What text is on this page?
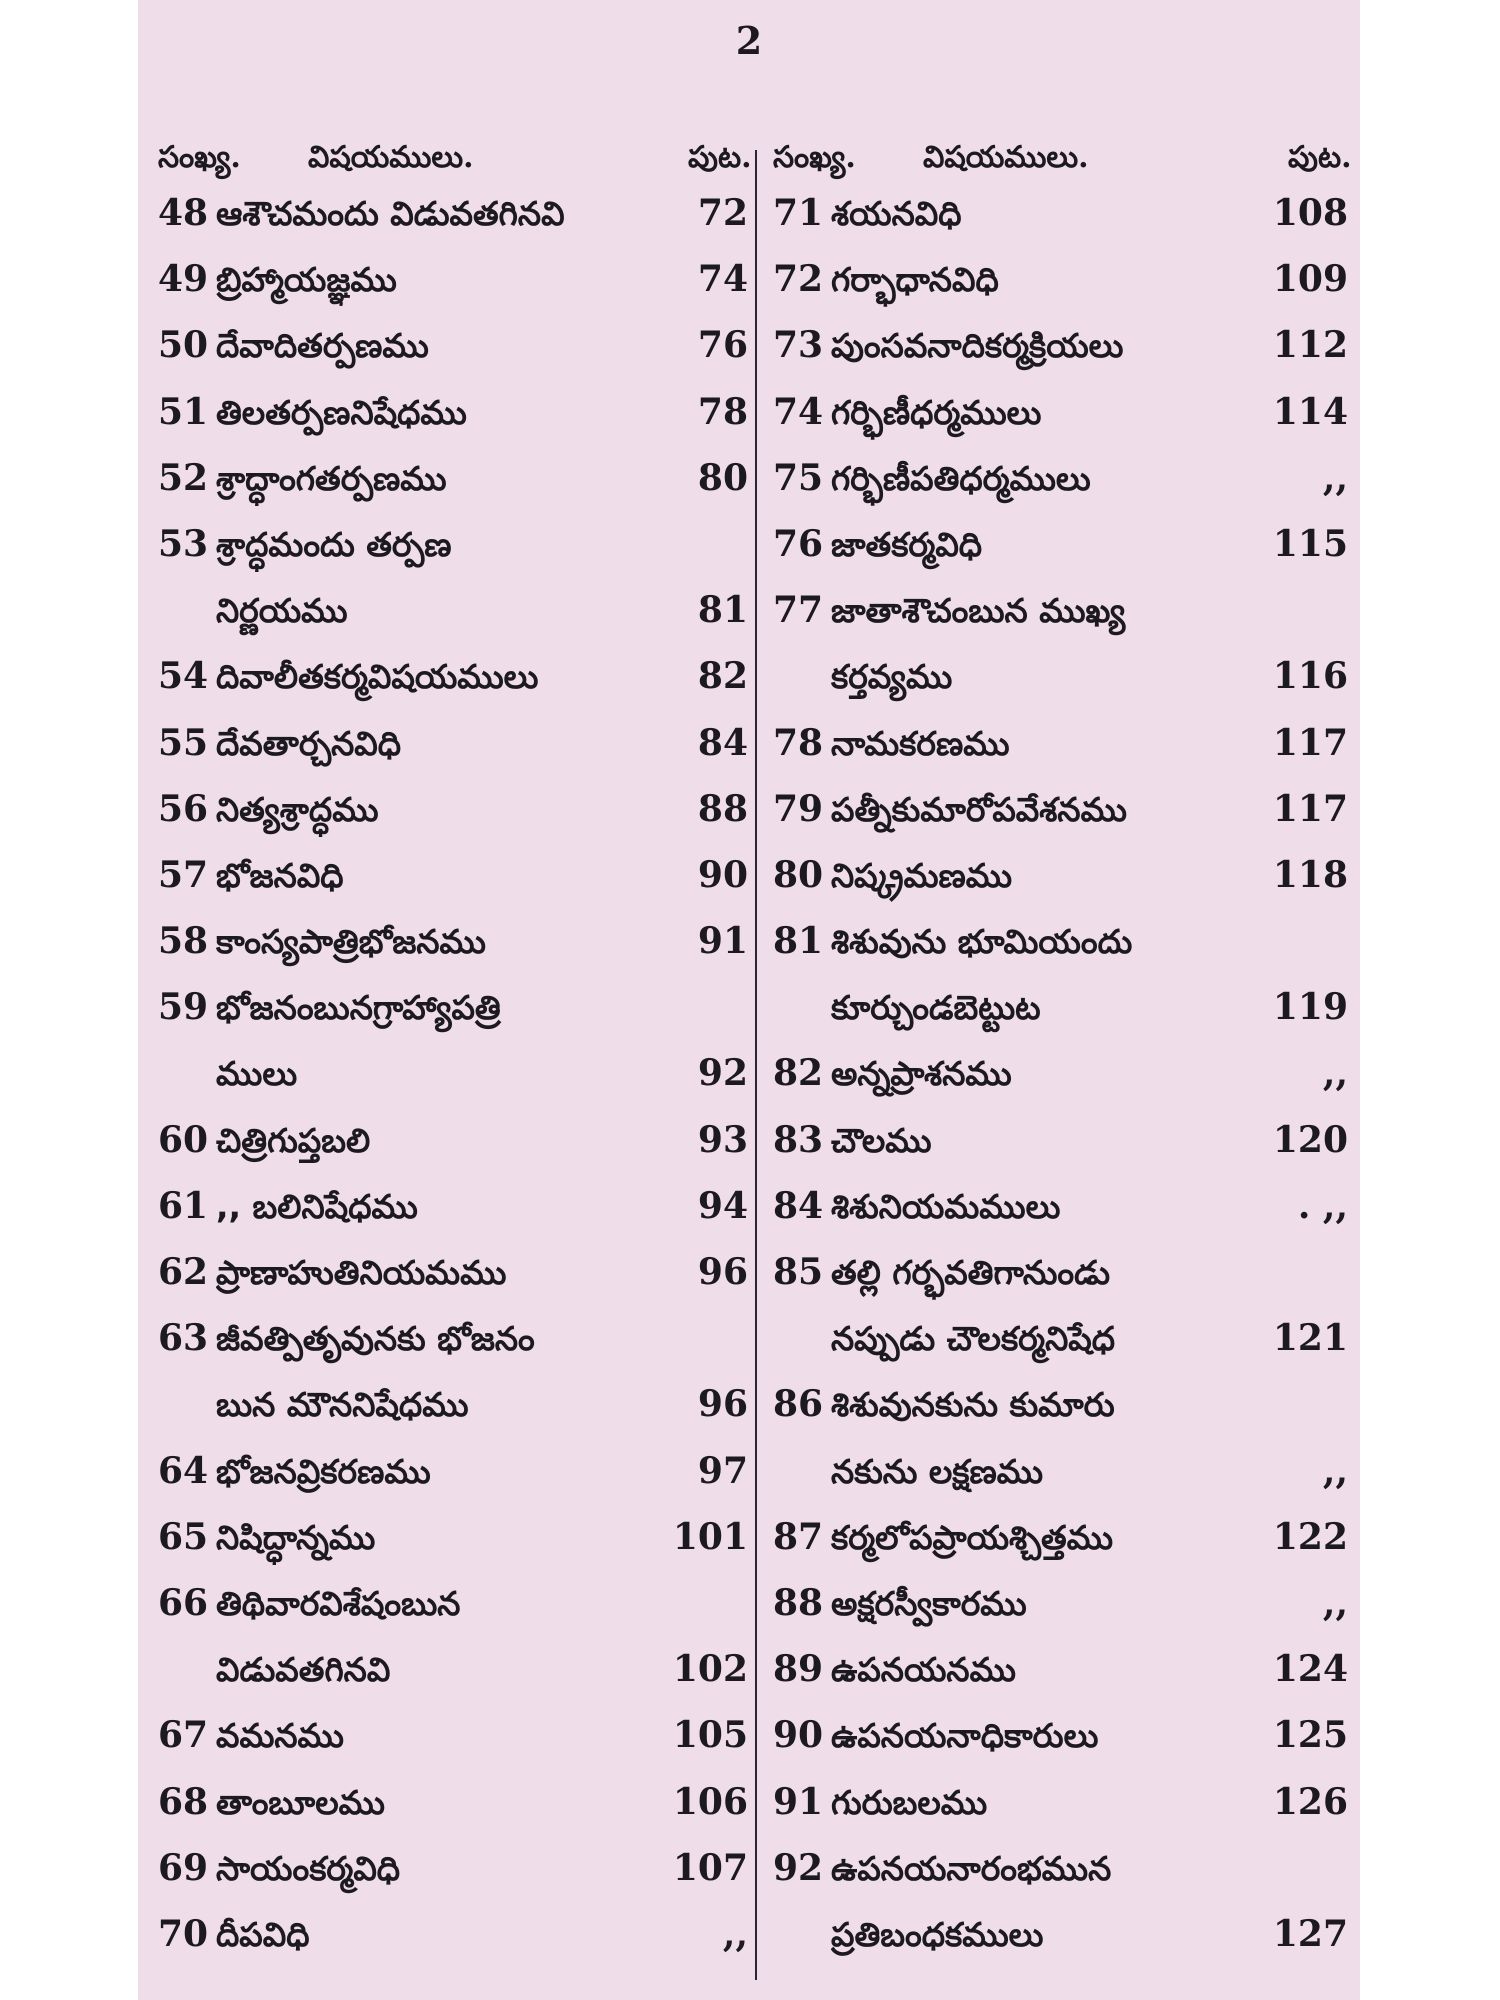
2
సంఖ్య.	విషయములు.	పుట.
48 ఆశౌచమందు విడువతగినవి	72
49 బ్రిహ్మాయజ్ఞము	74
50 దేవాదితర్పణము	76
51 తిలతర్పణనిషేధము	78
52 శ్రాద్ధాంగతర్పణము	80
53 శ్రాద్ధమందు తర్పణ
నిర్ణయము	81
54 దివాలీతకర్మవిషయములు	82
55 దేవతార్చనవిధి	84
56 నిత్యశ్రాద్ధము	88
57 భోజనవిధి	90
58 కాంస్యపాత్రిభోజనము	91
59 భోజనంబునగ్రాహ్యాపత్రి
ములు	92
60 చిత్రిగుప్తబలి	93
61 ,, బలినిషేధము	94
62 ప్రాణాహుతినియమము	96
63 జీవత్పితృవునకు భోజనం
బున మౌననిషేధము	96
64 భోజనవ్రికరణము	97
65 నిషిద్ధాన్నము	101
66 తిథివారవిశేషంబున
విడువతగినవి	102
67 వమనము	105
68 తాంబూలము	106
69 సాయంకర్మవిధి	107
70 దీపవిధి	,,
సంఖ్య.	విషయములు.	పుట.
71 శయనవిధి	108
72 గర్భాధానవిధి	109
73 పుంసవనాదికర్మక్రియలు	112
74 గర్భిణీధర్మములు	114
75 గర్భిణీపతిధర్మములు	,,
76 జాతకర్మవిధి	115
77 జాతాశౌచంబున ముఖ్య
కర్తవ్యము	116
78 నామకరణము	117
79 పత్నీకుమారోపవేశనము	117
80 నిష్క్రమణము	118
81 శిశువును భూమియందు
కూర్చుండబెట్టుట	119
82 అన్నప్రాశనము	,,
83 చౌలము	120
84 శిశునియమములు	. ,,
85 తల్లి గర్భవతిగానుండు
నప్పుడు చౌలకర్మనిషేధ	121
86 శిశువునకును కుమారు
నకును లక్షణము	,,
87 కర్మలోపప్రాయశ్చిత్తము	122
88 అక్షరస్వీకారము	,,
89 ఉపనయనము	124
90 ఉపనయనాధికారులు	125
91 గురుబలము	126
92 ఉపనయనారంభమున
ప్రతిబంధకములు	127
